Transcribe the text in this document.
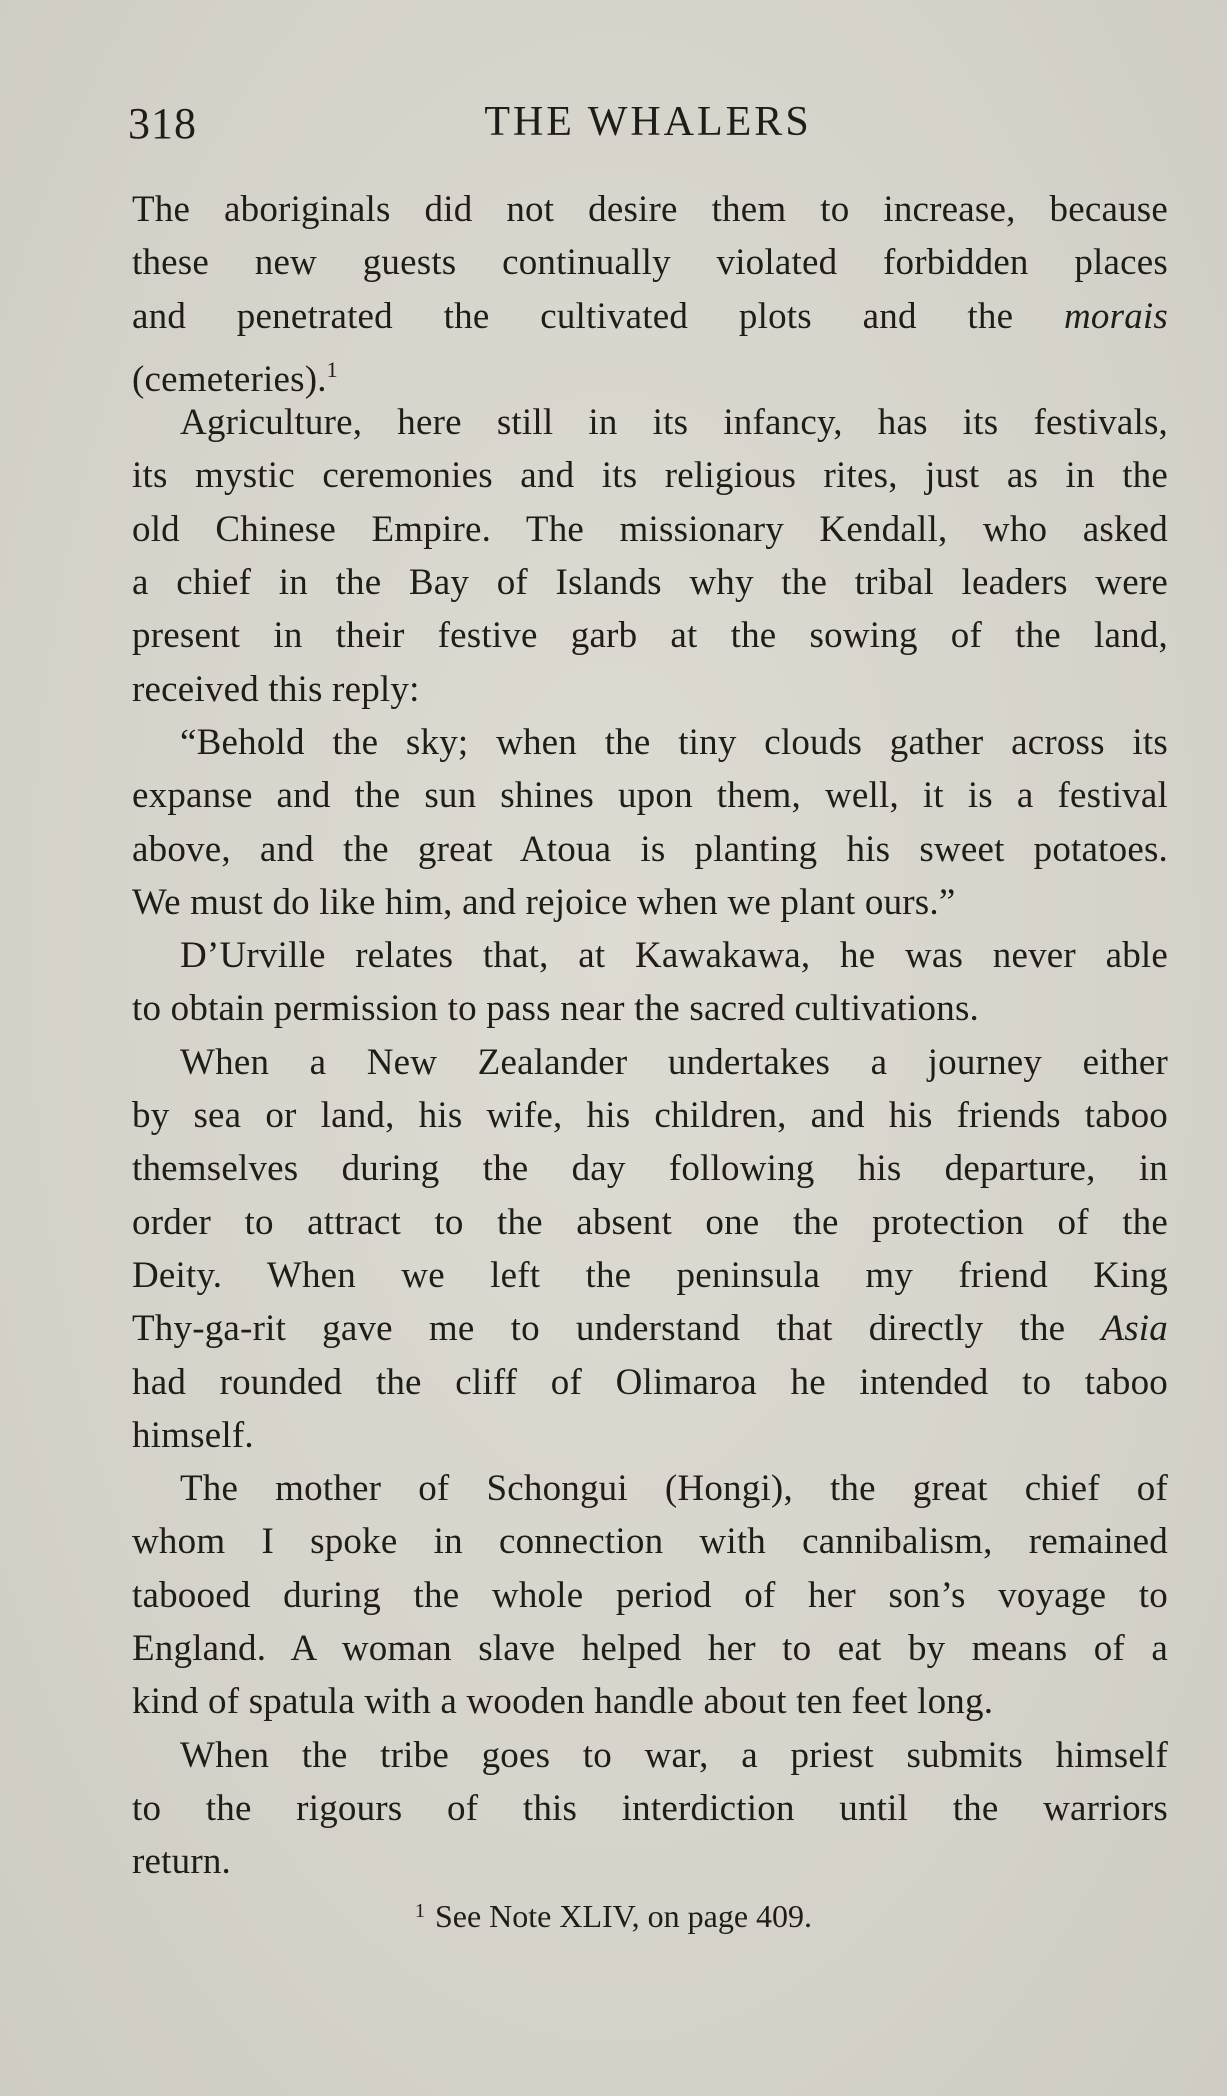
318	THE WHALERS
The aboriginals did not desire them to increase, because
these new guests continually violated forbidden places
and penetrated the cultivated plots and the morais
(cemeteries).$^1$
Agriculture, here still in its infancy, has its festivals,
its mystic ceremonies and its religious rites, just as in the
old Chinese Empire. The missionary Kendall, who asked
a chief in the Bay of Islands why the tribal leaders were
present in their festive garb at the sowing of the land,
received this reply:
“Behold the sky; when the tiny clouds gather across its
expanse and the sun shines upon them, well, it is a festival
above, and the great Atoua is planting his sweet potatoes.
We must do like him, and rejoice when we plant ours.”
D’Urville relates that, at Kawakawa, he was never able
to obtain permission to pass near the sacred cultivations.
When a New Zealander undertakes a journey either
by sea or land, his wife, his children, and his friends taboo
themselves during the day following his departure, in
order to attract to the absent one the protection of the
Deity. When we left the peninsula my friend King
Thy-ga-rit gave me to understand that directly the Asia
had rounded the cliff of Olimaroa he intended to taboo
himself.
The mother of Schongui (Hongi), the great chief of
whom I spoke in connection with cannibalism, remained
tabooed during the whole period of her son’s voyage to
England. A woman slave helped her to eat by means of a
kind of spatula with a wooden handle about ten feet long.
When the tribe goes to war, a priest submits himself
to the rigours of this interdiction until the warriors
return.
$^1$ See Note XLIV, on page 409.
